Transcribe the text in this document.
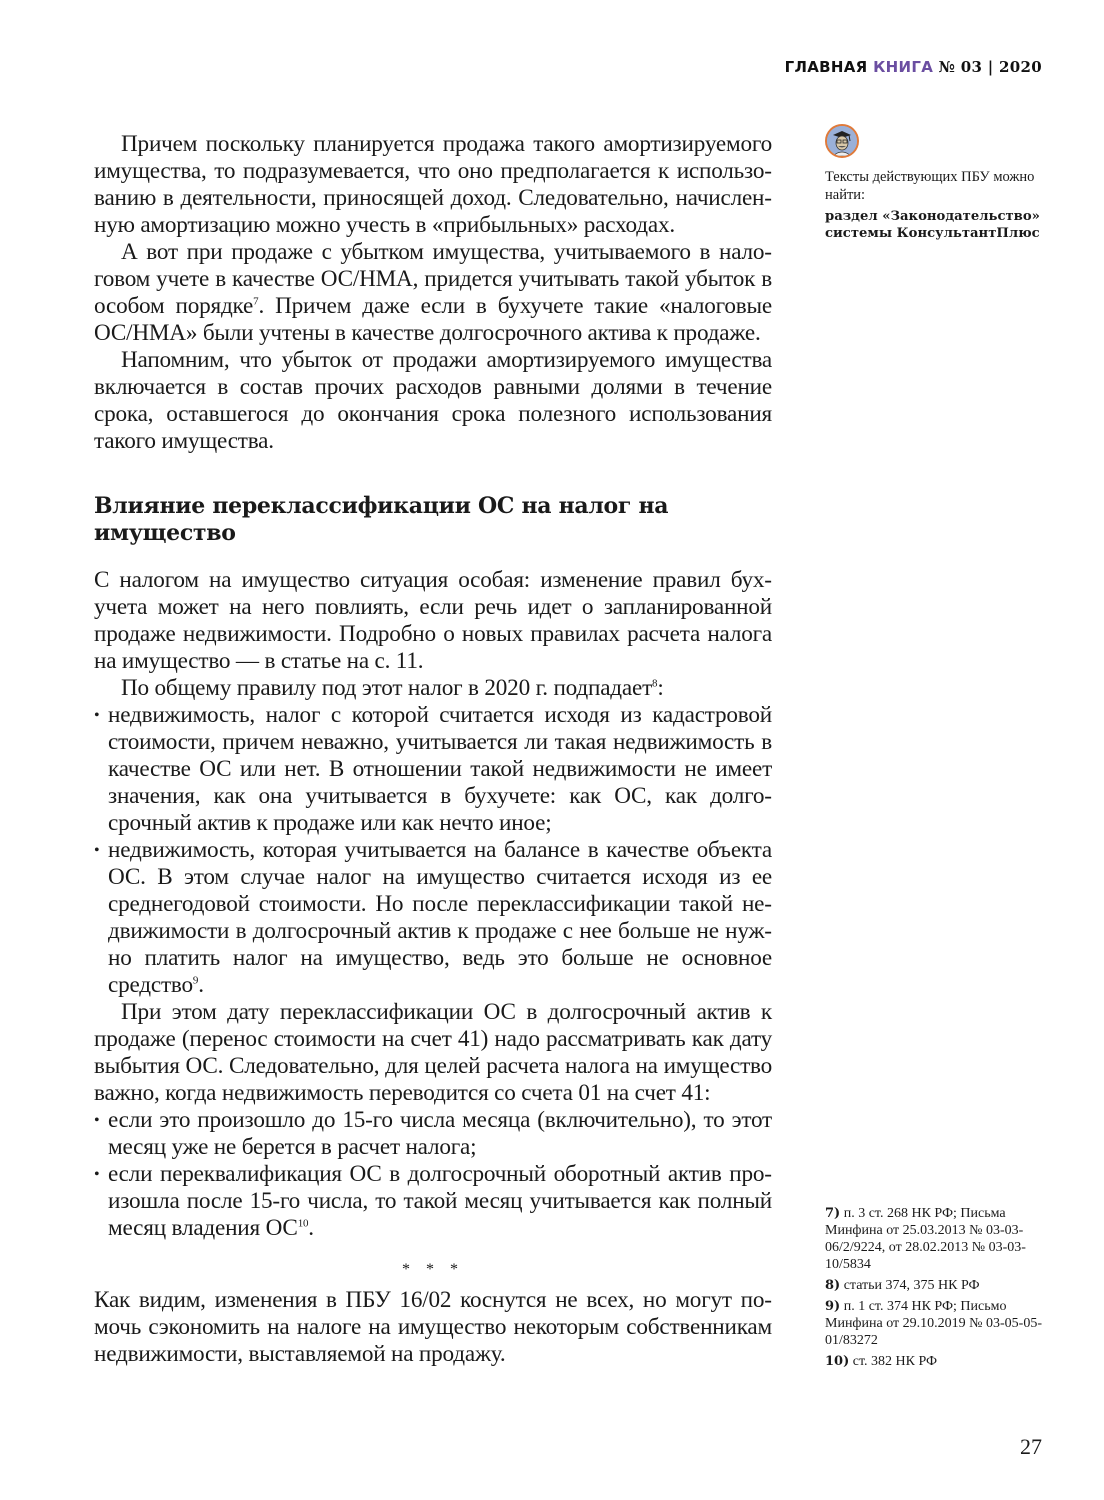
ГЛАВНАЯ КНИГА № 03 | 2020

Причем поскольку планируется продажа такого амортизируемого имущества, то подразумевается, что оно предполагается к использованию в деятельности, приносящей доход. Следовательно, начисленную амортизацию можно учесть в «прибыльных» расходах.

А вот при продаже с убытком имущества, учитываемого в налоговом учете в качестве ОС/НМА, придется учитывать такой убыток в особом порядке$^7$. Причем даже если в бухучете такие «налоговые ОС/НМА» были учтены в качестве долгосрочного актива к продаже.

Напомним, что убыток от продажи амортизируемого имущества включается в состав прочих расходов равными долями в течение срока, оставшегося до окончания срока полезного использования такого имущества.

Влияние переклассификации ОС на налог на имущество

С налогом на имущество ситуация особая: изменение правил бухучета может на него повлиять, если речь идет о запланированной продаже недвижимости. Подробно о новых правилах расчета налога на имущество — в статье на с. 11.

По общему правилу под этот налог в 2020 г. подпадает$^8$:

• недвижимость, налог с которой считается исходя из кадастровой стоимости, причем неважно, учитывается ли такая недвижимость в качестве ОС или нет. В отношении такой недвижимости не имеет значения, как она учитывается в бухучете: как ОС, как долгосрочный актив к продаже или как нечто иное;
• недвижимость, которая учитывается на балансе в качестве объекта ОС. В этом случае налог на имущество считается исходя из ее среднегодовой стоимости. Но после переклассификации такой недвижимости в долгосрочный актив к продаже с нее больше не нужно платить налог на имущество, ведь это больше не основное средство$^9$.

При этом дату переклассификации ОС в долгосрочный актив к продаже (перенос стоимости на счет 41) надо рассматривать как дату выбытия ОС. Следовательно, для целей расчета налога на имущество важно, когда недвижимость переводится со счета 01 на счет 41:

• если это произошло до 15-го числа месяца (включительно), то этот месяц уже не берется в расчет налога;
• если переквалификация ОС в долгосрочный оборотный актив произошла после 15-го числа, то такой месяц учитывается как полный месяц владения ОС$^{10}$.
* * *

Как видим, изменения в ПБУ 16/02 коснутся не всех, но могут помочь сэкономить на налоге на имущество некоторым собственникам недвижимости, выставляемой на продажу.

Тексты действующих ПБУ можно найти:

раздел «Законодательство» системы КонсультантПлюс

7) п. 3 ст. 268 НК РФ; Письма Минфина от 25.03.2013 № 03-03-06/2/9224, от 28.02.2013 № 03-03-10/5834
8) статьи 374, 375 НК РФ
9) п. 1 ст. 374 НК РФ; Письмо Минфина от 29.10.2019 № 03-05-05-01/83272
10) ст. 382 НК РФ
27
